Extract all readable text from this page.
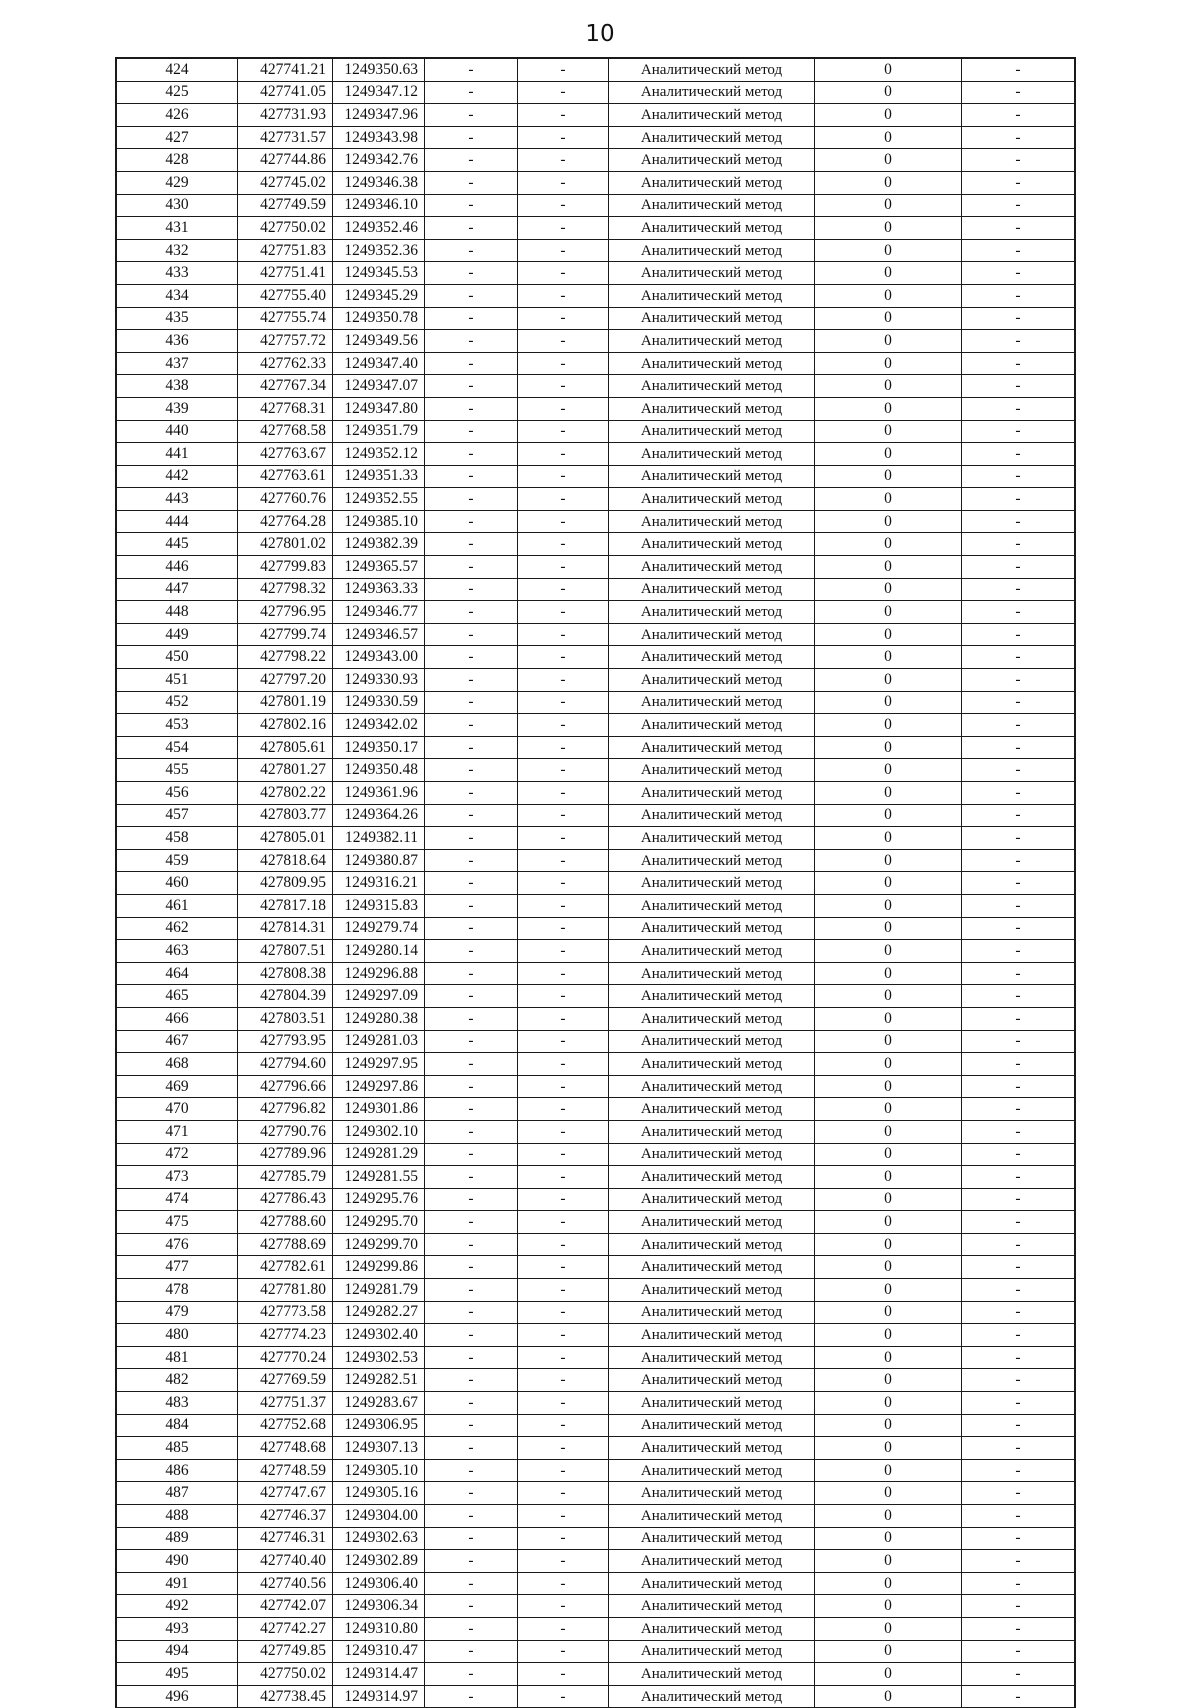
10
424	427741.21	1249350.63	-	-	Аналитический метод	0	-
425	427741.05	1249347.12	-	-	Аналитический метод	0	-
426	427731.93	1249347.96	-	-	Аналитический метод	0	-
427	427731.57	1249343.98	-	-	Аналитический метод	0	-
428	427744.86	1249342.76	-	-	Аналитический метод	0	-
429	427745.02	1249346.38	-	-	Аналитический метод	0	-
430	427749.59	1249346.10	-	-	Аналитический метод	0	-
431	427750.02	1249352.46	-	-	Аналитический метод	0	-
432	427751.83	1249352.36	-	-	Аналитический метод	0	-
433	427751.41	1249345.53	-	-	Аналитический метод	0	-
434	427755.40	1249345.29	-	-	Аналитический метод	0	-
435	427755.74	1249350.78	-	-	Аналитический метод	0	-
436	427757.72	1249349.56	-	-	Аналитический метод	0	-
437	427762.33	1249347.40	-	-	Аналитический метод	0	-
438	427767.34	1249347.07	-	-	Аналитический метод	0	-
439	427768.31	1249347.80	-	-	Аналитический метод	0	-
440	427768.58	1249351.79	-	-	Аналитический метод	0	-
441	427763.67	1249352.12	-	-	Аналитический метод	0	-
442	427763.61	1249351.33	-	-	Аналитический метод	0	-
443	427760.76	1249352.55	-	-	Аналитический метод	0	-
444	427764.28	1249385.10	-	-	Аналитический метод	0	-
445	427801.02	1249382.39	-	-	Аналитический метод	0	-
446	427799.83	1249365.57	-	-	Аналитический метод	0	-
447	427798.32	1249363.33	-	-	Аналитический метод	0	-
448	427796.95	1249346.77	-	-	Аналитический метод	0	-
449	427799.74	1249346.57	-	-	Аналитический метод	0	-
450	427798.22	1249343.00	-	-	Аналитический метод	0	-
451	427797.20	1249330.93	-	-	Аналитический метод	0	-
452	427801.19	1249330.59	-	-	Аналитический метод	0	-
453	427802.16	1249342.02	-	-	Аналитический метод	0	-
454	427805.61	1249350.17	-	-	Аналитический метод	0	-
455	427801.27	1249350.48	-	-	Аналитический метод	0	-
456	427802.22	1249361.96	-	-	Аналитический метод	0	-
457	427803.77	1249364.26	-	-	Аналитический метод	0	-
458	427805.01	1249382.11	-	-	Аналитический метод	0	-
459	427818.64	1249380.87	-	-	Аналитический метод	0	-
460	427809.95	1249316.21	-	-	Аналитический метод	0	-
461	427817.18	1249315.83	-	-	Аналитический метод	0	-
462	427814.31	1249279.74	-	-	Аналитический метод	0	-
463	427807.51	1249280.14	-	-	Аналитический метод	0	-
464	427808.38	1249296.88	-	-	Аналитический метод	0	-
465	427804.39	1249297.09	-	-	Аналитический метод	0	-
466	427803.51	1249280.38	-	-	Аналитический метод	0	-
467	427793.95	1249281.03	-	-	Аналитический метод	0	-
468	427794.60	1249297.95	-	-	Аналитический метод	0	-
469	427796.66	1249297.86	-	-	Аналитический метод	0	-
470	427796.82	1249301.86	-	-	Аналитический метод	0	-
471	427790.76	1249302.10	-	-	Аналитический метод	0	-
472	427789.96	1249281.29	-	-	Аналитический метод	0	-
473	427785.79	1249281.55	-	-	Аналитический метод	0	-
474	427786.43	1249295.76	-	-	Аналитический метод	0	-
475	427788.60	1249295.70	-	-	Аналитический метод	0	-
476	427788.69	1249299.70	-	-	Аналитический метод	0	-
477	427782.61	1249299.86	-	-	Аналитический метод	0	-
478	427781.80	1249281.79	-	-	Аналитический метод	0	-
479	427773.58	1249282.27	-	-	Аналитический метод	0	-
480	427774.23	1249302.40	-	-	Аналитический метод	0	-
481	427770.24	1249302.53	-	-	Аналитический метод	0	-
482	427769.59	1249282.51	-	-	Аналитический метод	0	-
483	427751.37	1249283.67	-	-	Аналитический метод	0	-
484	427752.68	1249306.95	-	-	Аналитический метод	0	-
485	427748.68	1249307.13	-	-	Аналитический метод	0	-
486	427748.59	1249305.10	-	-	Аналитический метод	0	-
487	427747.67	1249305.16	-	-	Аналитический метод	0	-
488	427746.37	1249304.00	-	-	Аналитический метод	0	-
489	427746.31	1249302.63	-	-	Аналитический метод	0	-
490	427740.40	1249302.89	-	-	Аналитический метод	0	-
491	427740.56	1249306.40	-	-	Аналитический метод	0	-
492	427742.07	1249306.34	-	-	Аналитический метод	0	-
493	427742.27	1249310.80	-	-	Аналитический метод	0	-
494	427749.85	1249310.47	-	-	Аналитический метод	0	-
495	427750.02	1249314.47	-	-	Аналитический метод	0	-
496	427738.45	1249314.97	-	-	Аналитический метод	0	-
